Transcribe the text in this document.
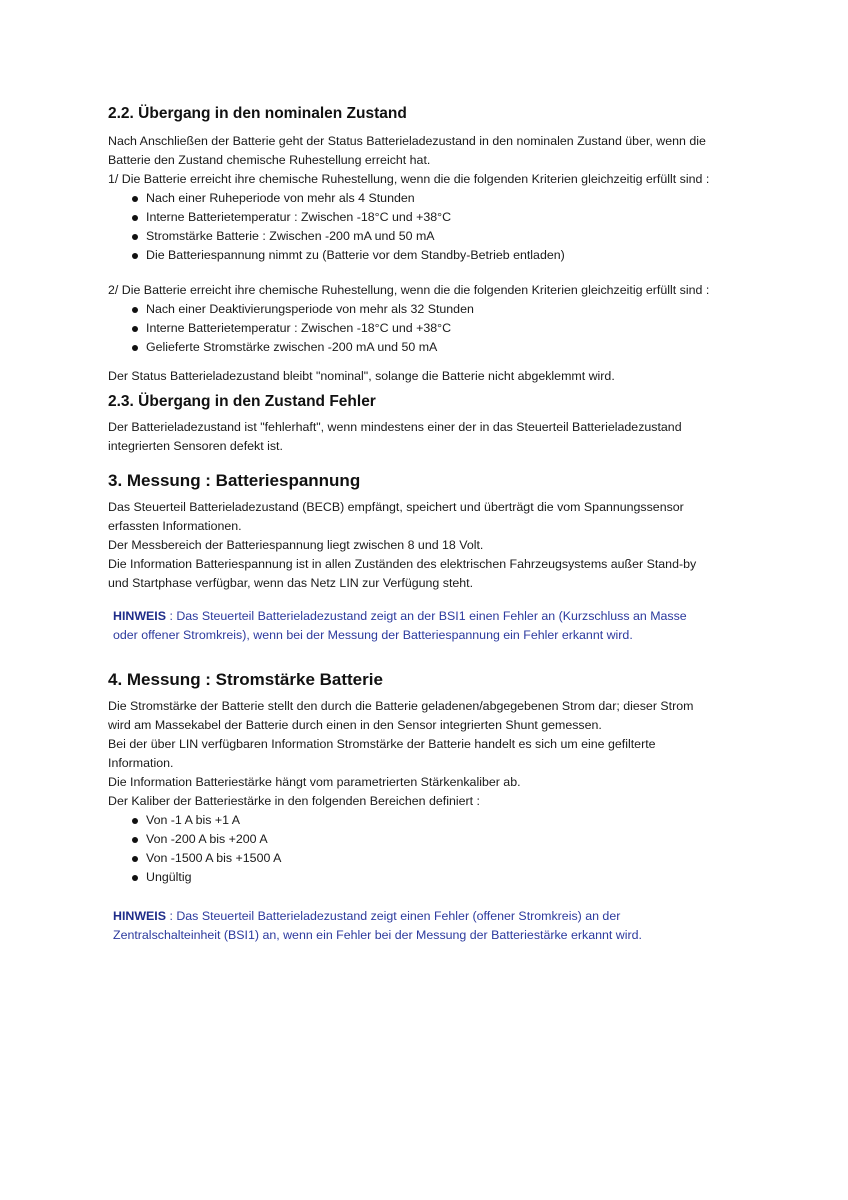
2.2. Übergang in den nominalen Zustand

Nach Anschließen der Batterie geht der Status Batterieladezustand in den nominalen Zustand über, wenn die

Batterie den Zustand chemische Ruhestellung erreicht hat.

1/ Die Batterie erreicht ihre chemische Ruhestellung, wenn die die folgenden Kriterien gleichzeitig erfüllt sind :

Nach einer Ruheperiode von mehr als 4 Stunden
Interne Batterietemperatur : Zwischen -18°C und +38°C
Stromstärke Batterie : Zwischen -200 mA und 50 mA
Die Batteriespannung nimmt zu (Batterie vor dem Standby-Betrieb entladen)

2/ Die Batterie erreicht ihre chemische Ruhestellung, wenn die die folgenden Kriterien gleichzeitig erfüllt sind :

Nach einer Deaktivierungsperiode von mehr als 32 Stunden
Interne Batterietemperatur : Zwischen -18°C und +38°C
Gelieferte Stromstärke zwischen -200 mA und 50 mA

Der Status Batterieladezustand bleibt "nominal", solange die Batterie nicht abgeklemmt wird.

2.3. Übergang in den Zustand Fehler

Der Batterieladezustand ist "fehlerhaft", wenn mindestens einer der in das Steuerteil Batterieladezustand

integrierten Sensoren defekt ist.

3. Messung : Batteriespannung

Das Steuerteil Batterieladezustand (BECB) empfängt, speichert und überträgt die vom Spannungssensor

erfassten Informationen.

Der Messbereich der Batteriespannung liegt zwischen 8 und 18 Volt.

Die Information Batteriespannung ist in allen Zuständen des elektrischen Fahrzeugsystems außer Stand-by

und Startphase verfügbar, wenn das Netz LIN zur Verfügung steht.

HINWEIS : Das Steuerteil Batterieladezustand zeigt an der BSI1 einen Fehler an (Kurzschluss an Masse
oder offener Stromkreis), wenn bei der Messung der Batteriespannung ein Fehler erkannt wird.
4. Messung : Stromstärke Batterie

Die Stromstärke der Batterie stellt den durch die Batterie geladenen/abgegebenen Strom dar; dieser Strom

wird am Massekabel der Batterie durch einen in den Sensor integrierten Shunt gemessen.

Bei der über LIN verfügbaren Information Stromstärke der Batterie handelt es sich um eine gefilterte

Information.

Die Information Batteriestärke hängt vom parametrierten Stärkenkaliber ab.

Der Kaliber der Batteriestärke in den folgenden Bereichen definiert :

Von -1 A bis +1 A
Von -200 A bis +200 A
Von -1500 A bis +1500 A
Ungültig
HINWEIS : Das Steuerteil Batterieladezustand zeigt einen Fehler (offener Stromkreis) an der
Zentralschalteinheit (BSI1) an, wenn ein Fehler bei der Messung der Batteriestärke erkannt wird.
